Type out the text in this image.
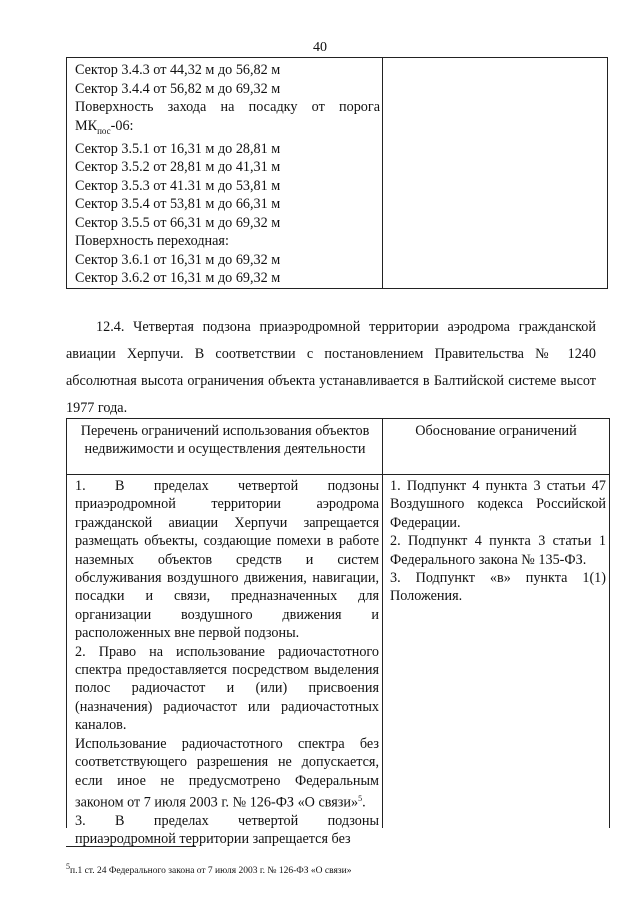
40
Сектор 3.4.3 от 44,32 м до 56,82 м
Сектор 3.4.4 от 56,82 м до 69,32 м
Поверхность захода на посадку от порога
$МК_{пос}-06$:
Сектор 3.5.1 от 16,31 м до 28,81 м
Сектор 3.5.2 от 28,81 м до 41,31 м
Сектор 3.5.3 от 41.31 м до 53,81 м
Сектор 3.5.4 от 53,81 м до 66,31 м
Сектор 3.5.5 от 66,31 м до 69,32 м
Поверхность переходная:
Сектор 3.6.1 от 16,31 м до 69,32 м
Сектор 3.6.2 от 16,31 м до 69,32 м
12.4. Четвертая подзона приаэродромной территории аэродрома гражданской авиации Херпучи. В соответствии с постановлением Правительства № 1240 абсолютная высота ограничения объекта устанавливается в Балтийской системе высот 1977 года.
Перечень ограничений использования объектов недвижимости и осуществления деятельности
Обоснование ограничений

1. В пределах четвертой подзоны приаэродромной территории аэродрома гражданской авиации Херпучи запрещается размещать объекты, создающие помехи в работе наземных объектов средств и систем обслуживания воздушного движения, навигации, посадки и связи, предназначенных для организации воздушного движения и расположенных вне первой подзоны.

2. Право на использование радиочастотного спектра предоставляется посредством выделения полос радиочастот и (или) присвоения (назначения) радиочастот или радиочастотных каналов.

Использование радиочастотного спектра без соответствующего разрешения не допускается, если иное не предусмотрено Федеральным законом от 7 июля 2003 г. № 126-ФЗ «О связи»$^5$.

3. В пределах четвертой подзоны приаэродромной территории запрещается без

1. Подпункт 4 пункта 3 статьи 47 Воздушного кодекса Российской Федерации.

2. Подпункт 4 пункта 3 статьи 1 Федерального закона № 135-ФЗ.

3. Подпункт «в» пункта 1(1) Положения.

$^5$п.1 ст. 24 Федерального закона от 7 июля 2003 г. № 126-ФЗ «О связи»
